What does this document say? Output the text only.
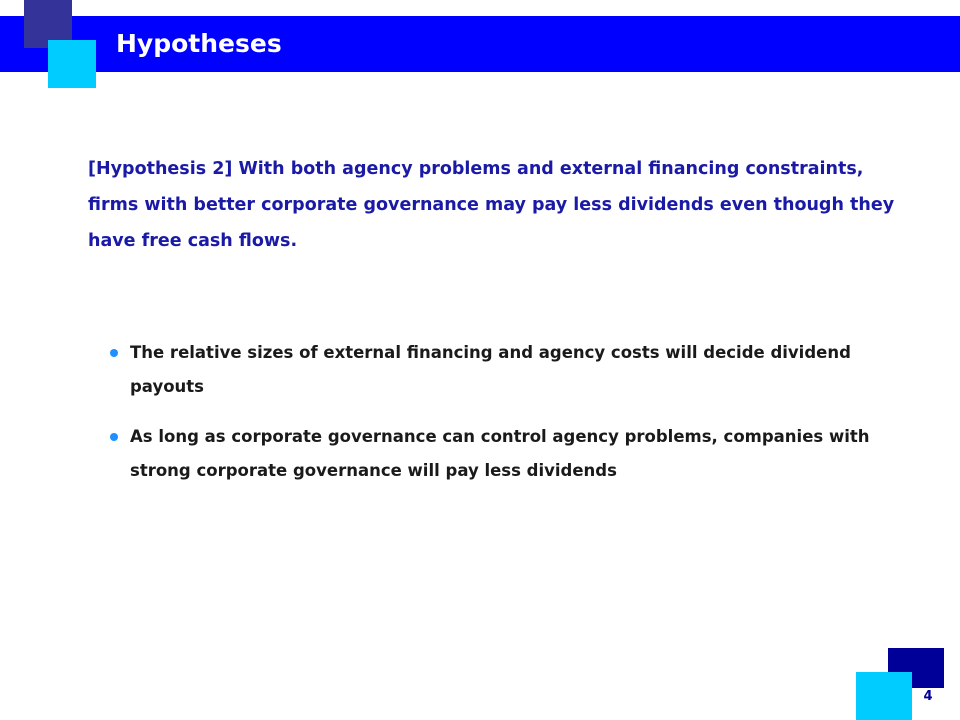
Hypotheses

[Hypothesis 2] With both agency problems and external financing constraints, firms with better corporate governance may pay less dividends even though they have free cash flows.

The relative sizes of external financing and agency costs will decide dividend payouts
As long as corporate governance can control agency problems, companies with strong corporate governance will pay less dividends
4
